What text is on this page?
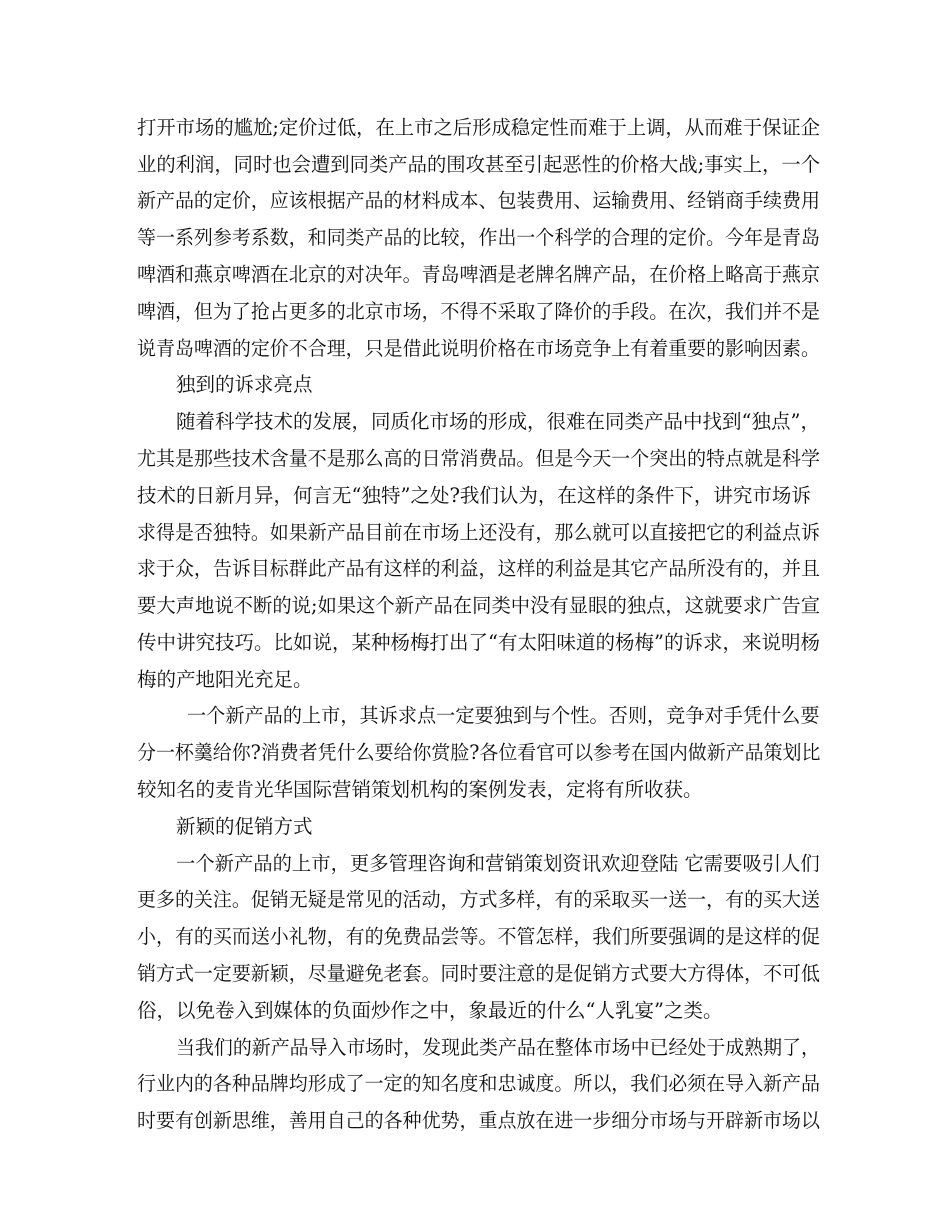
打开市场的尴尬;定价过低，在上市之后形成稳定性而难于上调，从而难于保证企
业的利润，同时也会遭到同类产品的围攻甚至引起恶性的价格大战;事实上，一个
新产品的定价，应该根据产品的材料成本、包装费用、运输费用、经销商手续费用
等一系列参考系数，和同类产品的比较，作出一个科学的合理的定价。今年是青岛
啤酒和燕京啤酒在北京的对决年。青岛啤酒是老牌名牌产品，在价格上略高于燕京
啤酒，但为了抢占更多的北京市场，不得不采取了降价的手段。在次，我们并不是
说青岛啤酒的定价不合理，只是借此说明价格在市场竞争上有着重要的影响因素。
独到的诉求亮点
随着科学技术的发展，同质化市场的形成，很难在同类产品中找到“独点”，
尤其是那些技术含量不是那么高的日常消费品。但是今天一个突出的特点就是科学
技术的日新月异，何言无“独特”之处?我们认为，在这样的条件下，讲究市场诉
求得是否独特。如果新产品目前在市场上还没有，那么就可以直接把它的利益点诉
求于众，告诉目标群此产品有这样的利益，这样的利益是其它产品所没有的，并且
要大声地说不断的说;如果这个新产品在同类中没有显眼的独点，这就要求广告宣
传中讲究技巧。比如说，某种杨梅打出了“有太阳味道的杨梅”的诉求，来说明杨
梅的产地阳光充足。
一个新产品的上市，其诉求点一定要独到与个性。否则，竞争对手凭什么要
分一杯羹给你?消费者凭什么要给你赏脸?各位看官可以参考在国内做新产品策划比
较知名的麦肯光华国际营销策划机构的案例发表，定将有所收获。
新颖的促销方式
一个新产品的上市，更多管理咨询和营销策划资讯欢迎登陆 它需要吸引人们
更多的关注。促销无疑是常见的活动，方式多样，有的采取买一送一，有的买大送
小，有的买而送小礼物，有的免费品尝等。不管怎样，我们所要强调的是这样的促
销方式一定要新颖，尽量避免老套。同时要注意的是促销方式要大方得体，不可低
俗，以免卷入到媒体的负面炒作之中，象最近的什么“人乳宴”之类。
当我们的新产品导入市场时，发现此类产品在整体市场中已经处于成熟期了，
行业内的各种品牌均形成了一定的知名度和忠诚度。所以，我们必须在导入新产品
时要有创新思维，善用自己的各种优势，重点放在进一步细分市场与开辟新市场以
